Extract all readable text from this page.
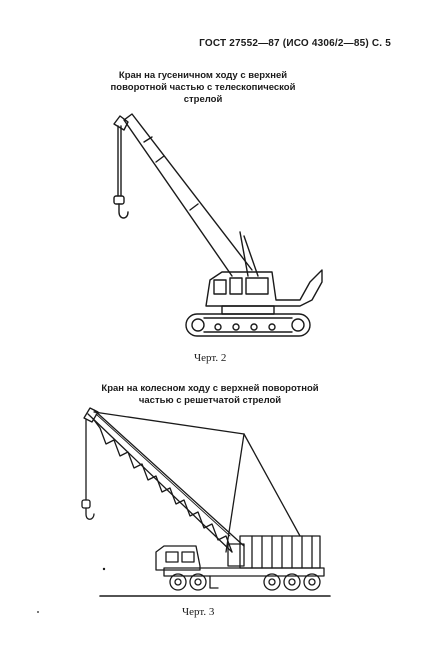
ГОСТ 27552—87 (ИСО 4306/2—85) С. 5
Кран на гусеничном ходу с верхней
поворотной частью с телескопической
стрелой
Кран на колесном ходу с верхней поворотной
частью с решетчатой стрелой
Черт. 2
Черт. 3
